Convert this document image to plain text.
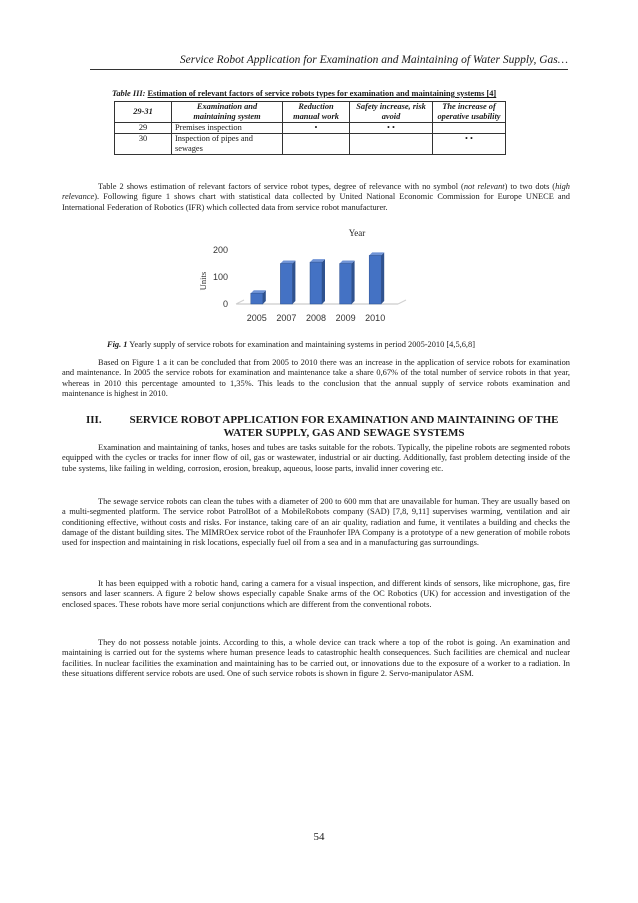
Service Robot Application for Examination and Maintaining of Water Supply, Gas…
Table III: Estimation of relevant factors of service robots types for examination and maintaining systems [4]
29-31	Examination and maintaining system	Reduction manual work	Safety increase, risk avoid	The increase of operative usability
29	Premises inspection	•	• •	
30	Inspection of pipes and sewages			• •

Table 2 shows estimation of relevant factors of service robot types, degree of relevance with no symbol (not relevant) to two dots (high relevance). Following figure 1 shows chart with statistical data collected by United National Economic Commission for Europe UNECE and International Federation of Robotics (IFR) which collected data from service robot manufacturer.

Year
Units
0
100
200
2005 2007 2008 2009 2010
Fig. 1 Yearly supply of service robots for examination and maintaining systems in period 2005-2010 [4,5,6,8]

Based on Figure 1 a it can be concluded that from 2005 to 2010 there was an increase in the application of service robots for examination and maintenance. In 2005 the service robots for examination and maintenance take a share 0,67% of the total number of service robots in that year, whereas in 2010 this percentage amounted to 1,35%. This leads to the conclusion that the annual supply of service robots examination and maintenance is highest in 2010.

III.	SERVICE ROBOT APPLICATION FOR EXAMINATION AND MAINTAINING OF THE WATER SUPPLY, GAS AND SEWAGE SYSTEMS

Examination and maintaining of tanks, hoses and tubes are tasks suitable for the robots. Typically, the pipeline robots are segmented robots equipped with the cycles or tracks for inner flow of oil, gas or wastewater, industrial or air ducting. Additionally, fast problem detecting inside of the tube systems, like failing in welding, corrosion, erosion, breakup, aqueous, loose parts, invalid inner covering etc.

The sewage service robots can clean the tubes with a diameter of 200 to 600 mm that are unavailable for human. They are usually based on a multi-segmented platform. The service robot PatrolBot of a MobileRobots company (SAD) [7,8, 9,11] supervises warming, ventilation and air conditioning effective, without costs and risks. For instance, taking care of an air quality, radiation and fume, it ventilates a building and checks the damage of the distant building sites. The MIMROex service robot of the Fraunhofer IPA Company is a prototype of a new generation of mobile robots used for inspection and maintaining in risk locations, especially fuel oil from a sea and in a manufacturing gas surroundings.

It has been equipped with a robotic hand, caring a camera for a visual inspection, and different kinds of sensors, like microphone, gas, fire sensors and laser scanners. A figure 2 below shows especially capable Snake arms of the OC Robotics (UK) for accession and investigation of the enclosed spaces. These robots have more serial conjunctions which are different from the conventional robots.

They do not possess notable joints. According to this, a whole device can track where a top of the robot is going. An examination and maintaining is carried out for the systems where human presence leads to catastrophic health consequences. Such facilities are chemical and nuclear facilities. In nuclear facilities the examination and maintaining has to be carried out, or innovations due to the exposure of a worker to a radiation. In these situations different service robots are used. One of such service robots is shown in figure 2. Servo-manipulator ASM.

54
